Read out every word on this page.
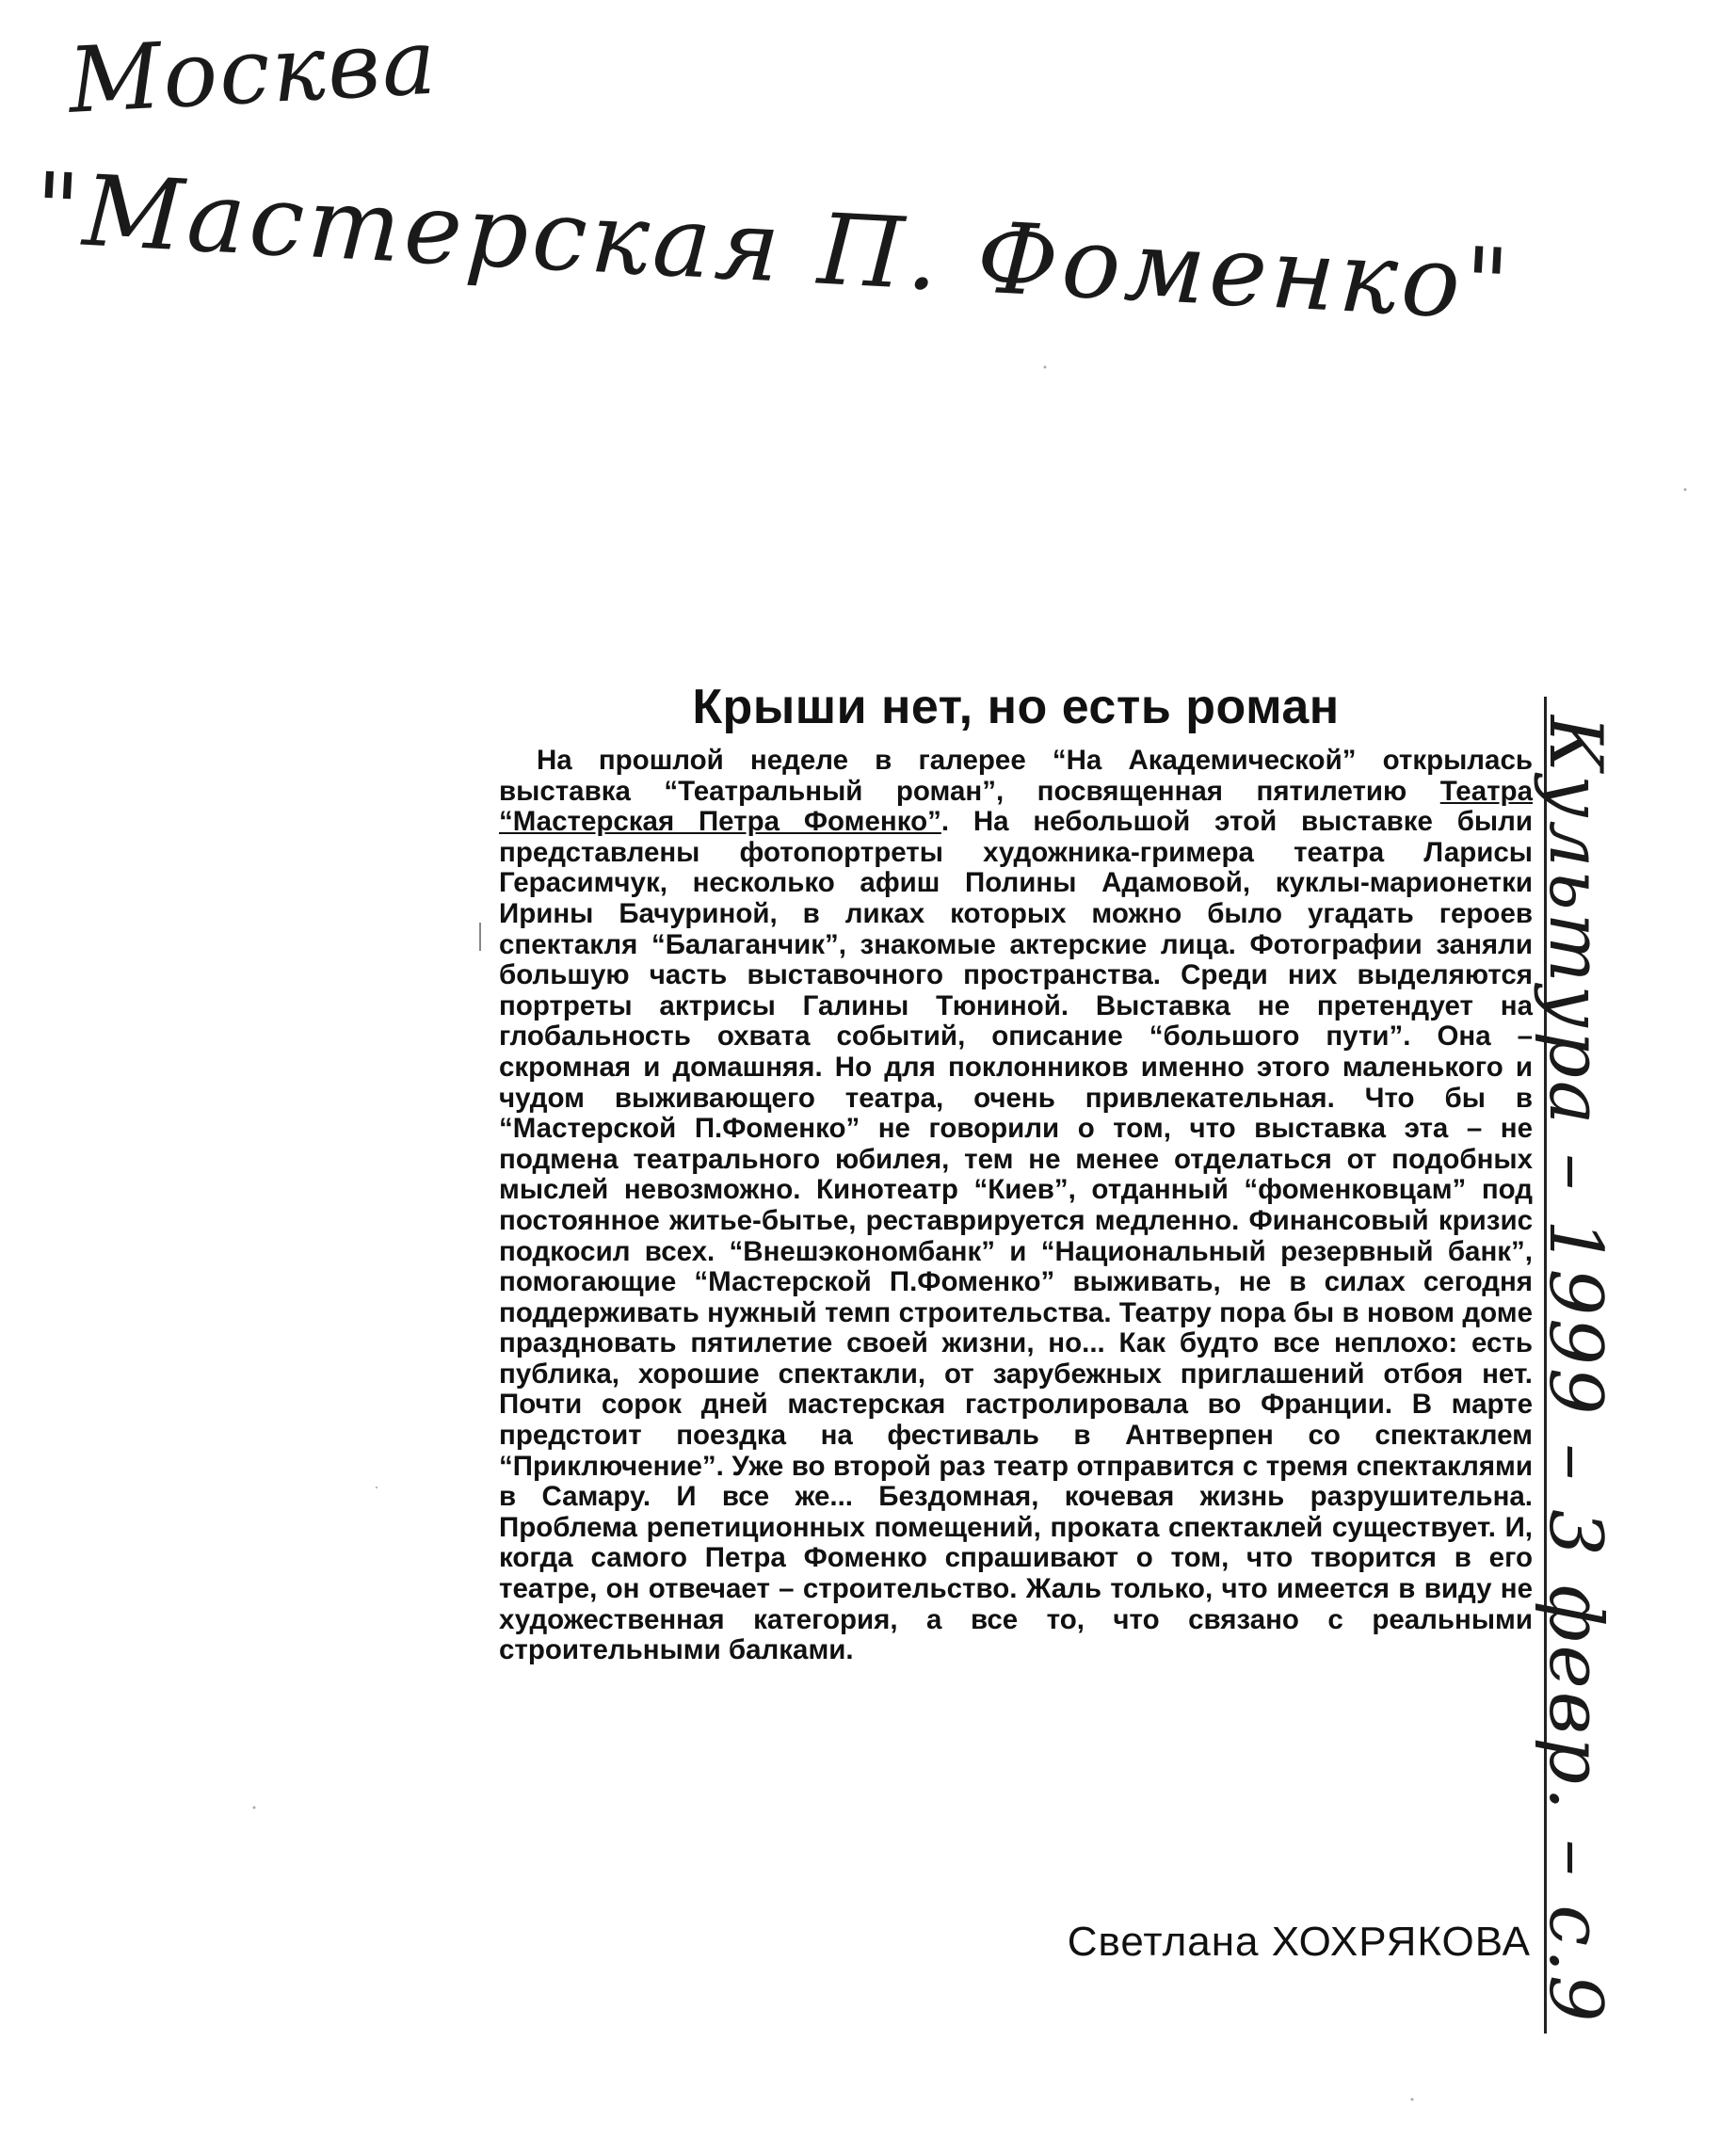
Москва
"Мастерская П. Фоменко"
Культура – 1999 – 3 февр. – с.9
Крыши нет, но есть роман

На прошлой неделе в галерее “На Академической” открылась выставка “Театральный роман”, посвященная пятилетию Театра “Мастерская Петра Фоменко”. На небольшой этой выставке были представлены фотопортреты художника-гримера театра Ларисы Герасимчук, несколько афиш Полины Адамовой, куклы-марионетки Ирины Бачуриной, в ликах которых можно было угадать героев спектакля “Балаганчик”, знакомые актерские лица. Фотографии заняли большую часть выставочного пространства. Среди них выделяются портреты актрисы Галины Тюниной. Выставка не претендует на глобальность охвата событий, описание “большого пути”. Она – скромная и домашняя. Но для поклонников именно этого маленького и чудом выживающего театра, очень привлекательная. Что бы в “Мастерской П.Фоменко” не говорили о том, что выставка эта – не подмена театрального юбилея, тем не менее отделаться от подобных мыслей невозможно. Кинотеатр “Киев”, отданный “фоменковцам” под постоянное житье-бытье, реставрируется медленно. Финансовый кризис подкосил всех. “Внешэкономбанк” и “Национальный резервный банк”, помогающие “Мастерской П.Фоменко” выживать, не в силах сегодня поддерживать нужный темп строительства. Театру пора бы в новом доме праздновать пятилетие своей жизни, но... Как будто все неплохо: есть публика, хорошие спектакли, от зарубежных приглашений отбоя нет. Почти сорок дней мастерская гастролировала во Франции. В марте предстоит поездка на фестиваль в Антверпен со спектаклем “Приключение”. Уже во второй раз театр отправится с тремя спектаклями в Самару. И все же... Бездомная, кочевая жизнь разрушительна. Проблема репетиционных помещений, проката спектаклей существует. И, когда самого Петра Фоменко спрашивают о том, что творится в его театре, он отвечает – строительство. Жаль только, что имеется в виду не художественная категория, а все то, что связано с реальными строительными балками.

Светлана ХОХРЯКОВА
